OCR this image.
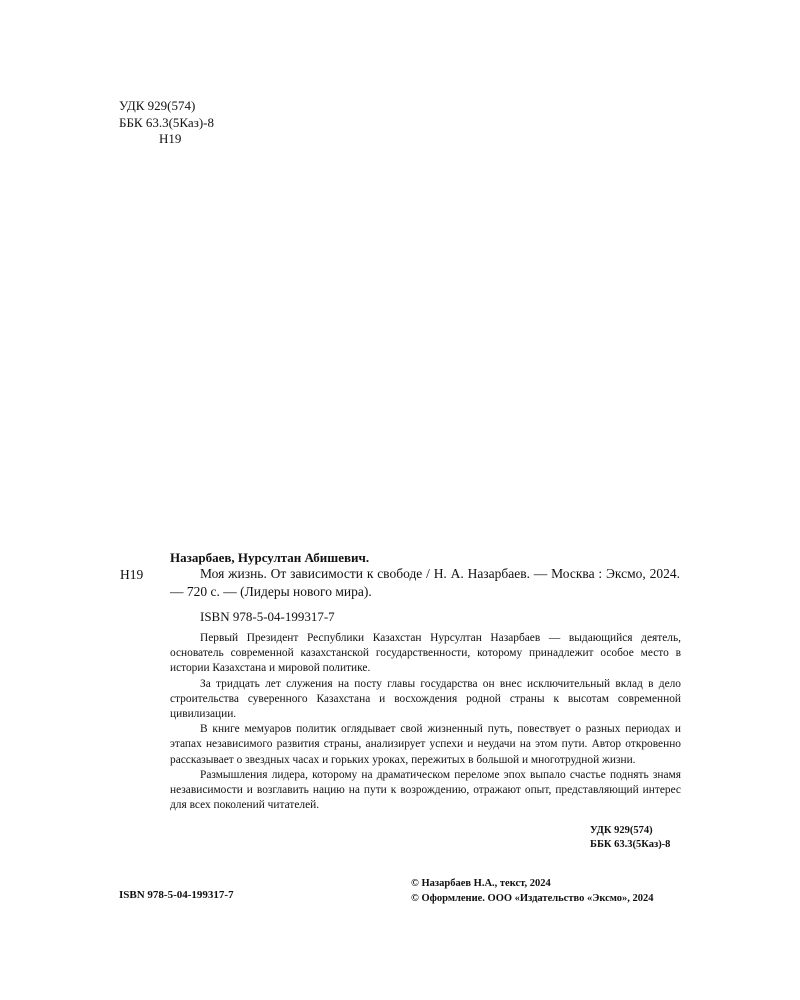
УДК 929(574)
ББК 63.3(5Каз)-8
Н19
Назарбаев, Нурсултан Абишевич.
Н19	Моя жизнь. От зависимости к свободе / Н. А. Назарбаев. — Москва : Эксмо, 2024. — 720 с. — (Лидеры нового мира).
ISBN 978-5-04-199317-7

Первый Президент Республики Казахстан Нурсултан Назарбаев — выдающийся деятель, основатель современной казахстанской государственности, которому принадлежит особое место в истории Казахстана и мировой политике.

За тридцать лет служения на посту главы государства он внес исключительный вклад в дело строительства суверенного Казахстана и восхождения родной страны к высотам современной цивилизации.

В книге мемуаров политик оглядывает свой жизненный путь, повествует о разных периодах и этапах независимого развития страны, анализирует успехи и неудачи на этом пути. Автор откровенно рассказывает о звездных часах и горьких уроках, пережитых в большой и многотрудной жизни.

Размышления лидера, которому на драматическом переломе эпох выпало счастье поднять знамя независимости и возглавить нацию на пути к возрождению, отражают опыт, представляющий интерес для всех поколений читателей.

УДК 929(574)
ББК 63.3(5Каз)-8
ISBN 978-5-04-199317-7
© Назарбаев Н.А., текст, 2024
© Оформление. ООО «Издательство «Эксмо», 2024
